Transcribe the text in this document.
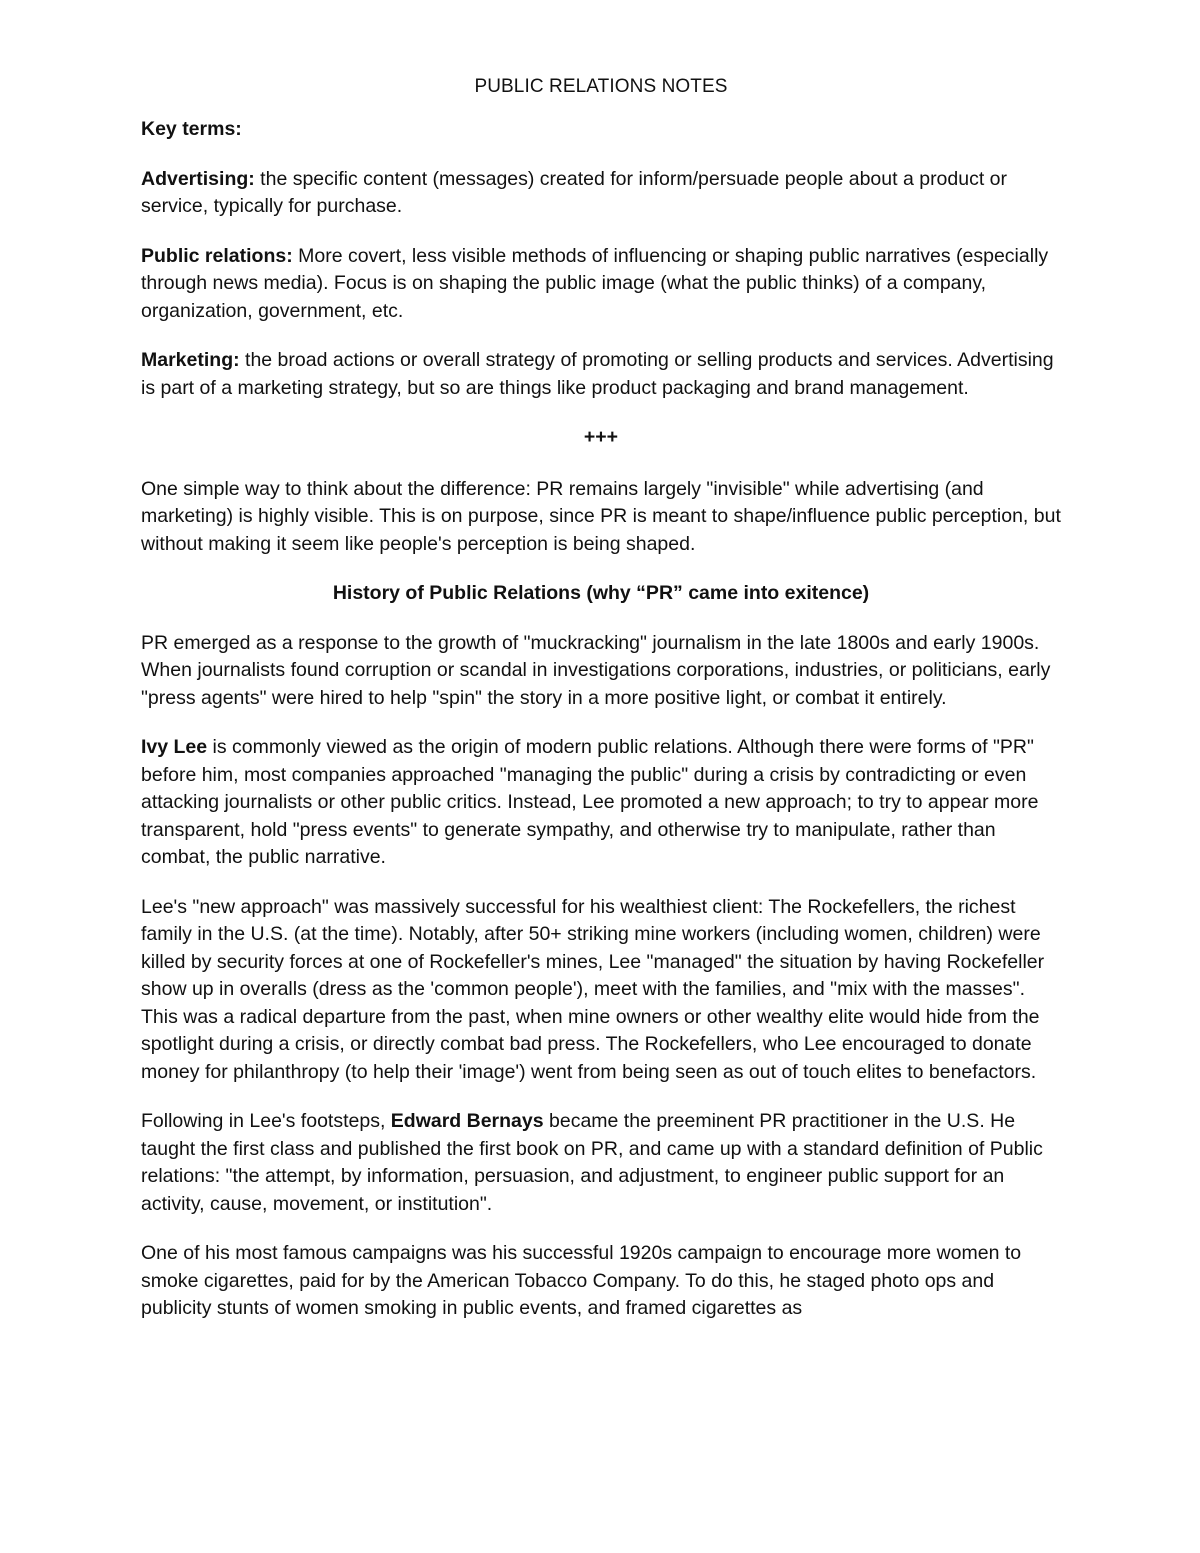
PUBLIC RELATIONS NOTES
Key terms:

Advertising: the specific content (messages) created for inform/persuade people about a product or service, typically for purchase.

Public relations: More covert, less visible methods of influencing or shaping public narratives (especially through news media). Focus is on shaping the public image (what the public thinks) of a company, organization, government, etc.

Marketing: the broad actions or overall strategy of promoting or selling products and services. Advertising is part of a marketing strategy, but so are things like product packaging and brand management.

+++

One simple way to think about the difference: PR remains largely "invisible" while advertising (and marketing) is highly visible. This is on purpose, since PR is meant to shape/influence public perception, but without making it seem like people's perception is being shaped.

History of Public Relations (why “PR” came into exitence)

PR emerged as a response to the growth of "muckracking" journalism in the late 1800s and early 1900s. When journalists found corruption or scandal in investigations corporations, industries, or politicians, early "press agents" were hired to help "spin" the story in a more positive light, or combat it entirely.

Ivy Lee is commonly viewed as the origin of modern public relations. Although there were forms of "PR" before him, most companies approached "managing the public" during a crisis by contradicting or even attacking journalists or other public critics. Instead, Lee promoted a new approach; to try to appear more transparent, hold "press events" to generate sympathy, and otherwise try to manipulate, rather than combat, the public narrative.

Lee's "new approach" was massively successful for his wealthiest client: The Rockefellers, the richest family in the U.S. (at the time). Notably, after 50+ striking mine workers (including women, children) were killed by security forces at one of Rockefeller's mines, Lee "managed" the situation by having Rockefeller show up in overalls (dress as the 'common people'), meet with the families, and "mix with the masses". This was a radical departure from the past, when mine owners or other wealthy elite would hide from the spotlight during a crisis, or directly combat bad press. The Rockefellers, who Lee encouraged to donate money for philanthropy (to help their 'image') went from being seen as out of touch elites to benefactors.

Following in Lee's footsteps, Edward Bernays became the preeminent PR practitioner in the U.S. He taught the first class and published the first book on PR, and came up with a standard definition of Public relations: "the attempt, by information, persuasion, and adjustment, to engineer public support for an activity, cause, movement, or institution".

One of his most famous campaigns was his successful 1920s campaign to encourage more women to smoke cigarettes, paid for by the American Tobacco Company. To do this, he staged photo ops and publicity stunts of women smoking in public events, and framed cigarettes as
